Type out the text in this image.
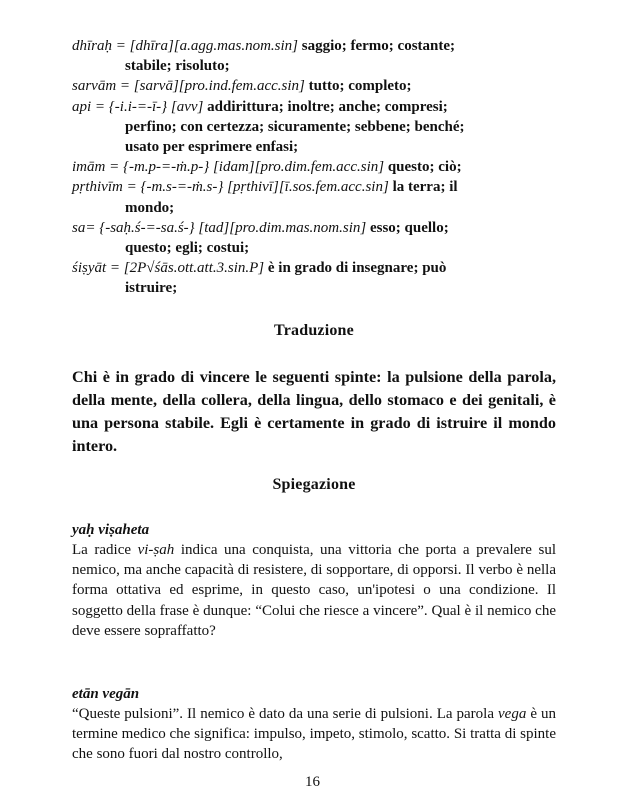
dhīraḥ = [dhīra][a.agg.mas.nom.sin] saggio; fermo; costante;
stabile; risoluto;

sarvām = [sarvā][pro.ind.fem.acc.sin] tutto; completo;

api = {-i.i-=-ī-} [avv] addirittura; inoltre; anche; compresi;
perfino; con certezza; sicuramente; sebbene; benché;
usato per esprimere enfasi;

imām = {-m.p-=-ṁ.p-} [idam][pro.dim.fem.acc.sin] questo; ciò;

pṛthivīm = {-m.s-=-ṁ.s-} [pṛthivī][ī.sos.fem.acc.sin] la terra; il
mondo;

sa= {-saḥ.ś-=-sa.ś-} [tad][pro.dim.mas.nom.sin] esso; quello;
questo; egli; costui;

śiṣyāt = [2P√śās.ott.att.3.sin.P] è in grado di insegnare; può
istruire;

Traduzione

Chi è in grado di vincere le seguenti spinte: la pulsione della parola, della mente, della collera, della lingua, dello stomaco e dei genitali, è una persona stabile. Egli è certamente in grado di istruire il mondo intero.

Spiegazione

yaḥ viṣaheta

La radice vi-ṣah indica una conquista, una vittoria che porta a prevalere sul nemico, ma anche capacità di resistere, di sopportare, di opporsi. Il verbo è nella forma ottativa ed esprime, in questo caso, un'ipotesi o una condizione. Il soggetto della frase è dunque: “Colui che riesce a vincere”. Qual è il nemico che deve essere sopraffatto?

etān vegān

“Queste pulsioni”. Il nemico è dato da una serie di pulsioni. La parola vega è un termine medico che significa: impulso, impeto, stimolo, scatto. Si tratta di spinte che sono fuori dal nostro controllo,

16
